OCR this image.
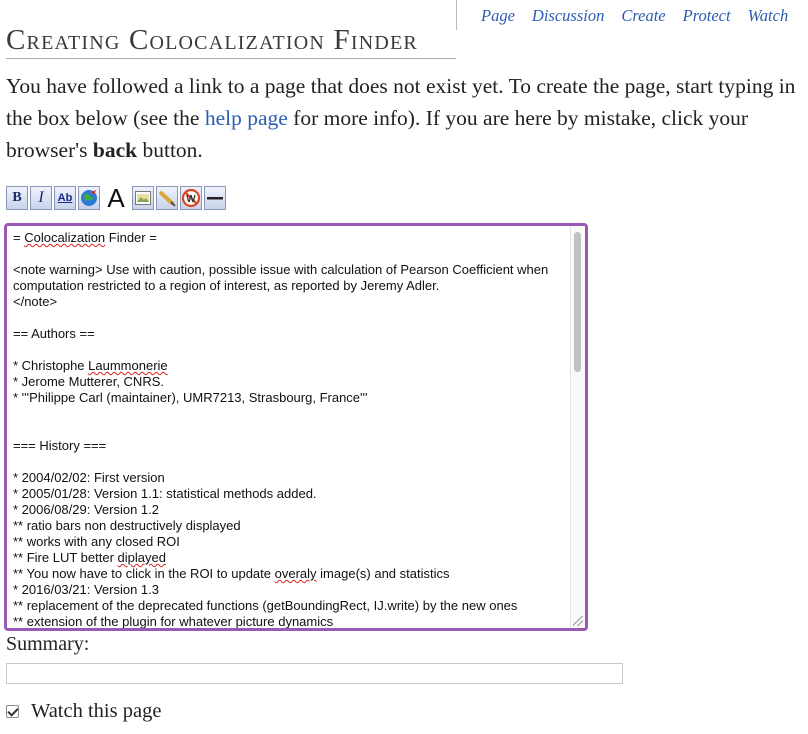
Page Discussion Create Protect Watch
Creating Colocalization Finder

You have followed a link to a page that does not exist yet. To create the page, start typing in the box below (see the help page for more info). If you are here by mistake, click your browser's back button.

B	I	Ab A	W
= Colocalization Finder =

<note warning> Use with caution, possible issue with calculation of Pearson Coefficient when computation restricted to a region of interest, as reported by Jeremy Adler.
</note>

== Authors ==

* Christophe Laummonerie
* Jerome Mutterer, CNRS.
* '''Philippe Carl (maintainer), UMR7213, Strasbourg, France'''

=== History ===

* 2004/02/02: First version
* 2005/01/28: Version 1.1: statistical methods added.
* 2006/08/29: Version 1.2
** ratio bars non destructively displayed
** works with any closed ROI
** Fire LUT better diplayed
** You now have to click in the ROI to update overaly image(s) and statistics
* 2016/03/21: Version 1.3
** replacement of the deprecated functions (getBoundingRect, IJ.write) by the new ones
** extension of the plugin for whatever picture dynamics
Summary:
Watch this page
